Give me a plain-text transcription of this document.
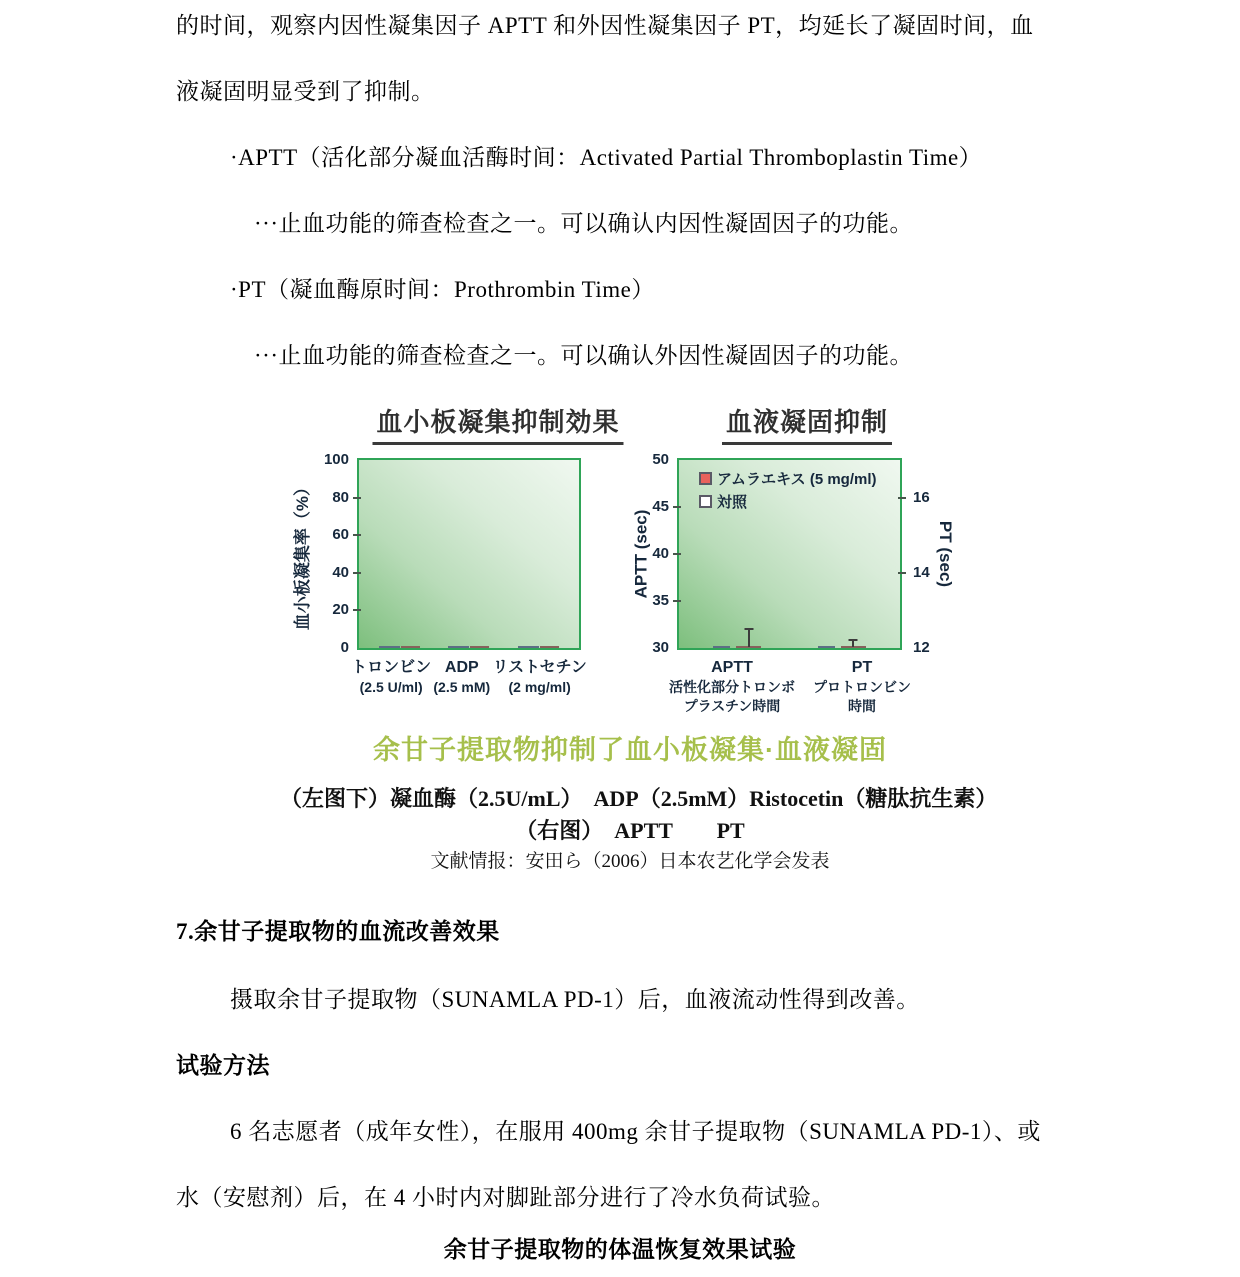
的时间，观察内因性凝集因子 APTT 和外因性凝集因子 PT，均延长了凝固时间，血
液凝固明显受到了抑制。
·APTT（活化部分凝血活酶时间：Activated Partial Thromboplastin Time）
···止血功能的筛查检查之一。可以确认内因性凝固因子的功能。
·PT（凝血酶原时间：Prothrombin Time）
···止血功能的筛查检查之一。可以确认外因性凝固因子的功能。
血小板凝集抑制効果	血液凝固抑制
血小板凝集率（%）	APTT (sec)	PT (sec)
0
20
40
60
80
100
アムラエキス (5 mg/ml)
対照
30
35
40
45
50
12
14
16
トロンビン
(2.5 U/ml)
ADP
(2.5 mM)
リストセチン
(2 mg/ml)
APTT
活性化部分トロンボ
プラスチン時間
PT
プロトロンビン
時間
余甘子提取物抑制了血小板凝集·血液凝固
（左图下）凝血酶（2.5U/mL）　ADP（2.5mM）Ristocetin（糖肽抗生素）
（右图）　APTT　　PT
文献情报：安田ら（2006）日本农艺化学会发表
7.余甘子提取物的血流改善效果
摄取余甘子提取物（SUNAMLA PD-1）后，血液流动性得到改善。
试验方法
6 名志愿者（成年女性），在服用 400mg 余甘子提取物（SUNAMLA PD-1）、或
水（安慰剂）后，在 4 小时内对脚趾部分进行了冷水负荷试验。
余甘子提取物的体温恢复效果试验
